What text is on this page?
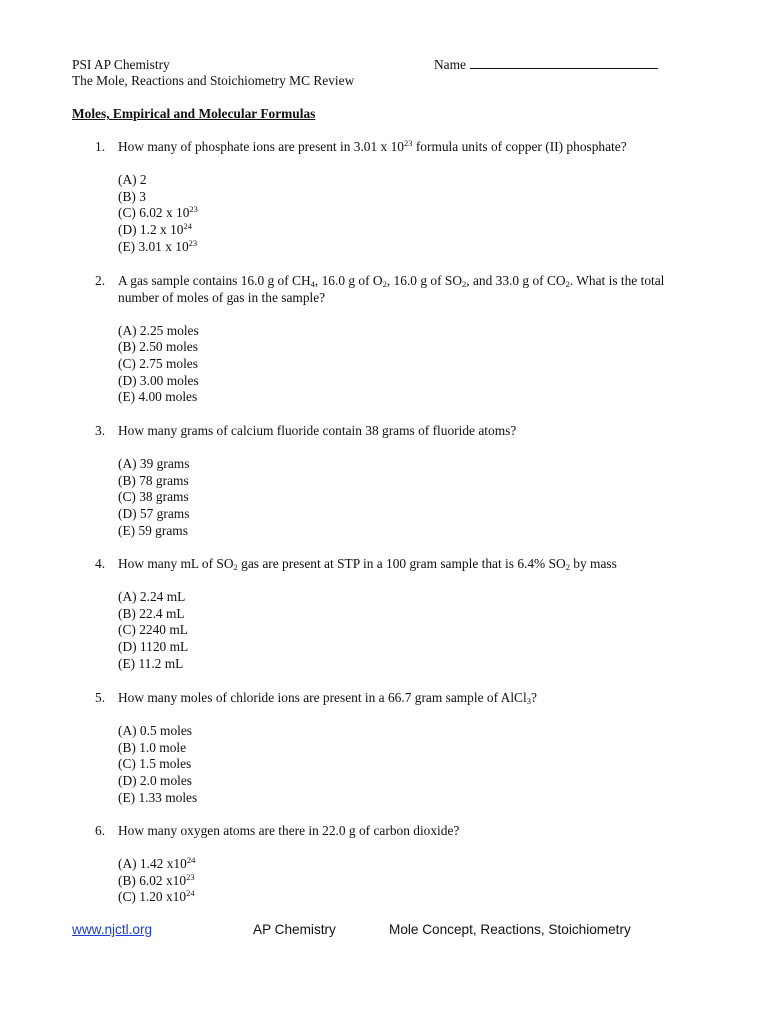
PSI AP Chemistry
The Mole, Reactions and Stoichiometry MC Review
Name
Moles, Empirical and Molecular Formulas
1. How many of phosphate ions are present in 3.01 x $10^{23}$ formula units of copper (II) phosphate?
(A) 2
(B) 3
(C) 6.02 x $10^{23}$
(D) 1.2 x $10^{24}$
(E) 3.01 x $10^{23}$
2. A gas sample contains 16.0 g of $CH_4$, 16.0 g of $O_2$, 16.0 g of $SO_2$, and 33.0 g of $CO_2$. What is the total
number of moles of gas in the sample?
(A) 2.25 moles
(B) 2.50 moles
(C) 2.75 moles
(D) 3.00 moles
(E) 4.00 moles
3. How many grams of calcium fluoride contain 38 grams of fluoride atoms?
(A) 39 grams
(B) 78 grams
(C) 38 grams
(D) 57 grams
(E) 59 grams
4. How many mL of $SO_2$ gas are present at STP in a 100 gram sample that is 6.4% $SO_2$ by mass
(A) 2.24 mL
(B) 22.4 mL
(C) 2240 mL
(D) 1120 mL
(E) 11.2 mL
5. How many moles of chloride ions are present in a 66.7 gram sample of AlCl$_3$?
(A) 0.5 moles
(B) 1.0 mole
(C) 1.5 moles
(D) 2.0 moles
(E) 1.33 moles
6. How many oxygen atoms are there in 22.0 g of carbon dioxide?
(A) 1.42 $x10^{24}$
(B) 6.02 $x10^{23}$
(C) 1.20 $x10^{24}$
www.njctl.org	AP Chemistry	Mole Concept, Reactions, Stoichiometry
